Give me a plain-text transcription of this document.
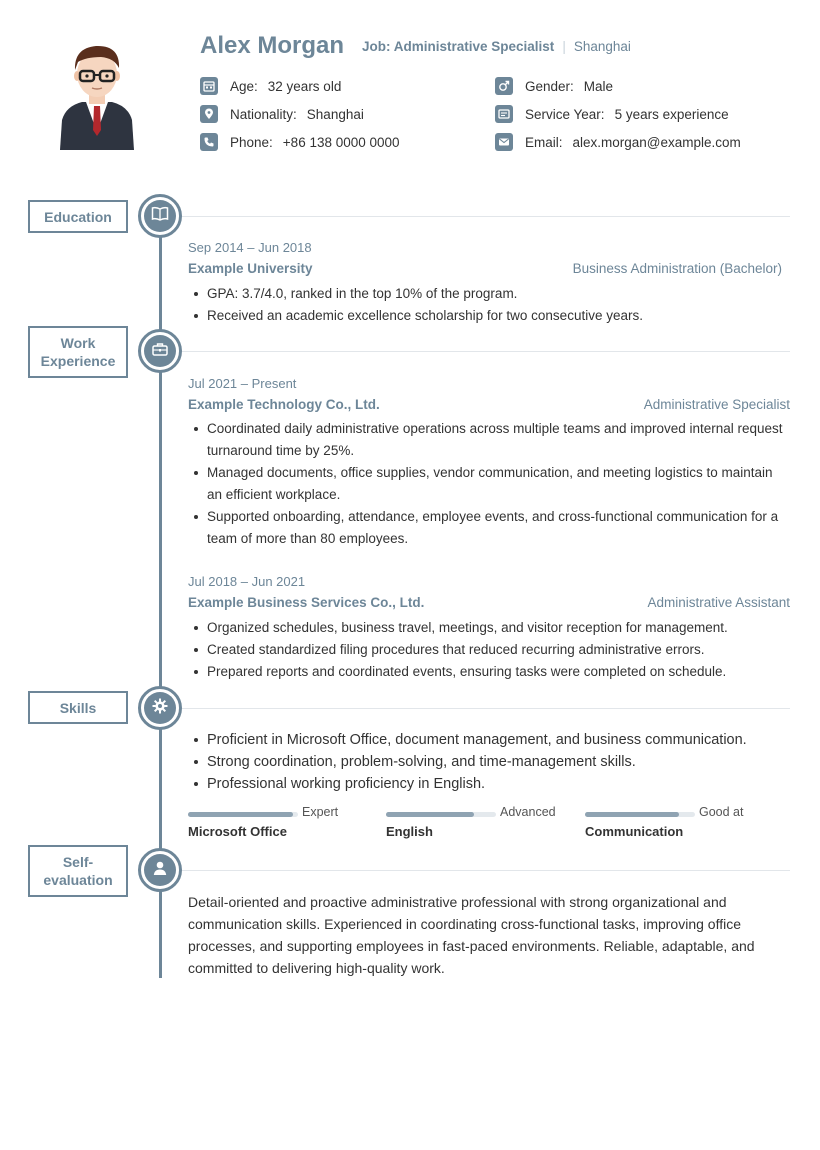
Alex Morgan Job: Administrative Specialist | Shanghai
Age: 32 years old	Gender: Male
Nationality: Shanghai	Service Year: 5 years experience
Phone: +86 138 0000 0000	Email: alex.morgan@example.com
Education
Sep 2014 – Jun 2018
Example University	Business Administration (Bachelor)
GPA: 3.7/4.0, ranked in the top 10% of the program.
Received an academic excellence scholarship for two consecutive years.
Work
Experience
Jul 2021 – Present
Example Technology Co., Ltd.	Administrative Specialist
Coordinated daily administrative operations across multiple teams and improved internal request turnaround time by 25%.
Managed documents, office supplies, vendor communication, and meeting logistics to maintain an efficient workplace.
Supported onboarding, attendance, employee events, and cross-functional communication for a team of more than 80 employees.
Jul 2018 – Jun 2021
Example Business Services Co., Ltd.	Administrative Assistant
Organized schedules, business travel, meetings, and visitor reception for management.
Created standardized filing procedures that reduced recurring administrative errors.
Prepared reports and coordinated events, ensuring tasks were completed on schedule.
Skills
Proficient in Microsoft Office, document management, and business communication.
Strong coordination, problem-solving, and time-management skills.
Professional working proficiency in English.
Expert
Microsoft Office
Advanced
English
Good at
Communication
Self-
evaluation

Detail-oriented and proactive administrative professional with strong organizational and communication skills. Experienced in coordinating cross-functional tasks, improving office processes, and supporting employees in fast-paced environments. Reliable, adaptable, and committed to delivering high-quality work.
